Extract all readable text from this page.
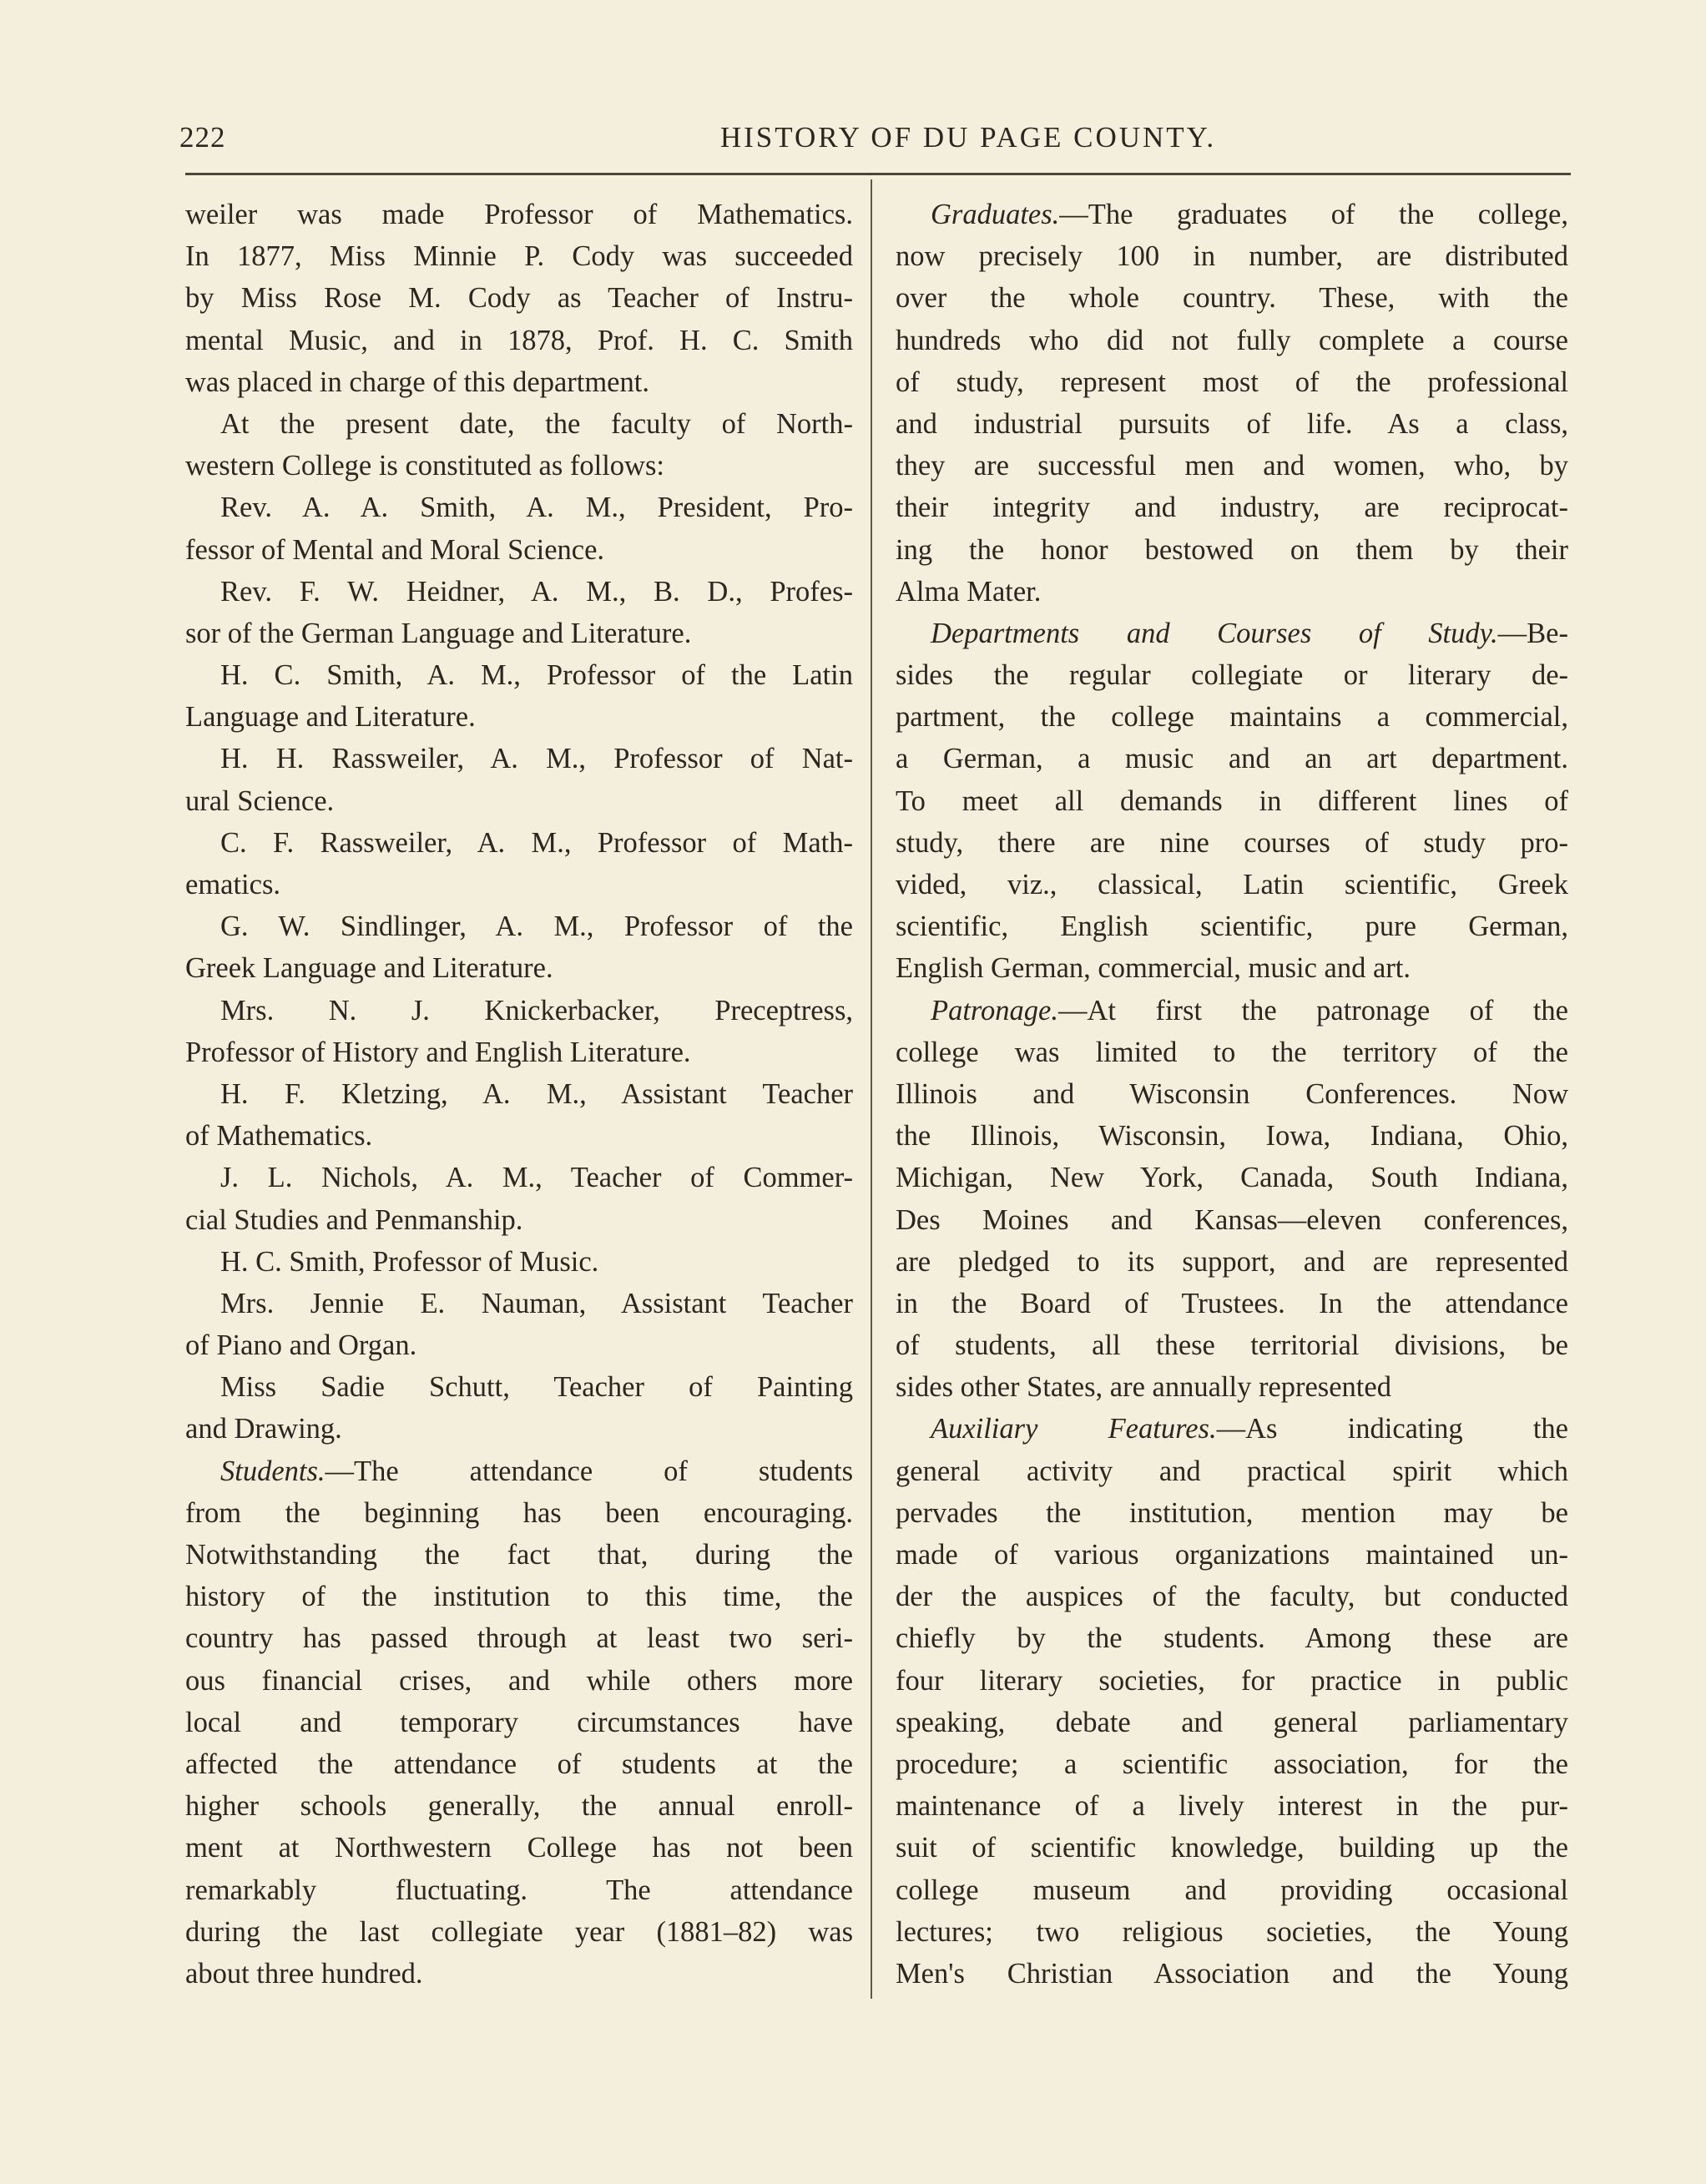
222	HISTORY OF DU PAGE COUNTY.
weiler was made Professor of Mathematics.
In 1877, Miss Minnie P. Cody was succeeded
by Miss Rose M. Cody as Teacher of Instru-
mental Music, and in 1878, Prof. H. C. Smith
was placed in charge of this department.
At the present date, the faculty of North-
western College is constituted as follows:
Rev. A. A. Smith, A. M., President, Pro-
fessor of Mental and Moral Science.
Rev. F. W. Heidner, A. M., B. D., Profes-
sor of the German Language and Literature.
H. C. Smith, A. M., Professor of the Latin
Language and Literature.
H. H. Rassweiler, A. M., Professor of Nat-
ural Science.
C. F. Rassweiler, A. M., Professor of Math-
ematics.
G. W. Sindlinger, A. M., Professor of the
Greek Language and Literature.
Mrs. N. J. Knickerbacker, Preceptress,
Professor of History and English Literature.
H. F. Kletzing, A. M., Assistant Teacher
of Mathematics.
J. L. Nichols, A. M., Teacher of Commer-
cial Studies and Penmanship.
H. C. Smith, Professor of Music.
Mrs. Jennie E. Nauman, Assistant Teacher
of Piano and Organ.
Miss Sadie Schutt, Teacher of Painting
and Drawing.
Students.—The attendance of students
from the beginning has been encouraging.
Notwithstanding the fact that, during the
history of the institution to this time, the
country has passed through at least two seri-
ous financial crises, and while others more
local and temporary circumstances have
affected the attendance of students at the
higher schools generally, the annual enroll-
ment at Northwestern College has not been
remarkably fluctuating. The attendance
during the last collegiate year (1881–82) was
about three hundred.
Graduates.—The graduates of the college,
now precisely 100 in number, are distributed
over the whole country. These, with the
hundreds who did not fully complete a course
of study, represent most of the professional
and industrial pursuits of life. As a class,
they are successful men and women, who, by
their integrity and industry, are reciprocat-
ing the honor bestowed on them by their
Alma Mater.
Departments and Courses of Study.—Be-
sides the regular collegiate or literary de-
partment, the college maintains a commercial,
a German, a music and an art department.
To meet all demands in different lines of
study, there are nine courses of study pro-
vided, viz., classical, Latin scientific, Greek
scientific, English scientific, pure German,
English German, commercial, music and art.
Patronage.—At first the patronage of the
college was limited to the territory of the
Illinois and Wisconsin Conferences. Now
the Illinois, Wisconsin, Iowa, Indiana, Ohio,
Michigan, New York, Canada, South Indiana,
Des Moines and Kansas—eleven conferences,
are pledged to its support, and are represented
in the Board of Trustees. In the attendance
of students, all these territorial divisions, be
sides other States, are annually represented
Auxiliary Features.—As indicating the
general activity and practical spirit which
pervades the institution, mention may be
made of various organizations maintained un-
der the auspices of the faculty, but conducted
chiefly by the students. Among these are
four literary societies, for practice in public
speaking, debate and general parliamentary
procedure; a scientific association, for the
maintenance of a lively interest in the pur-
suit of scientific knowledge, building up the
college museum and providing occasional
lectures; two religious societies, the Young
Men's Christian Association and the Young
